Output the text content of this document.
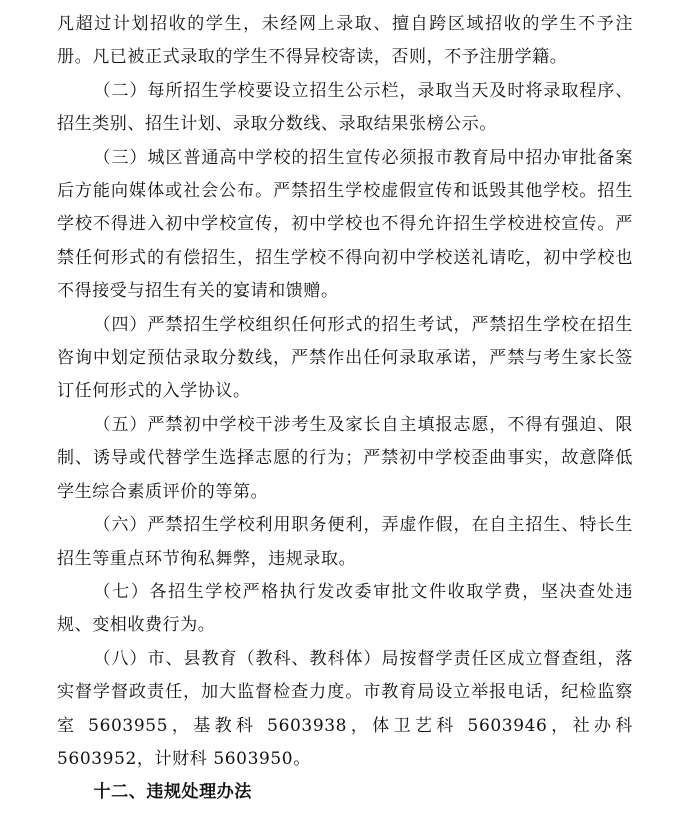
凡超过计划招收的学生，未经网上录取、擅自跨区域招收的学生不予注册。凡已被正式录取的学生不得异校寄读，否则，不予注册学籍。

（二）每所招生学校要设立招生公示栏，录取当天及时将录取程序、招生类别、招生计划、录取分数线、录取结果张榜公示。

（三）城区普通高中学校的招生宣传必须报市教育局中招办审批备案后方能向媒体或社会公布。严禁招生学校虚假宣传和诋毁其他学校。招生学校不得进入初中学校宣传，初中学校也不得允许招生学校进校宣传。严禁任何形式的有偿招生，招生学校不得向初中学校送礼请吃，初中学校也不得接受与招生有关的宴请和馈赠。

（四）严禁招生学校组织任何形式的招生考试，严禁招生学校在招生咨询中划定预估录取分数线，严禁作出任何录取承诺，严禁与考生家长签订任何形式的入学协议。

（五）严禁初中学校干涉考生及家长自主填报志愿，不得有强迫、限制、诱导或代替学生选择志愿的行为；严禁初中学校歪曲事实，故意降低学生综合素质评价的等第。

（六）严禁招生学校利用职务便利，弄虚作假，在自主招生、特长生招生等重点环节徇私舞弊，违规录取。

（七）各招生学校严格执行发改委审批文件收取学费，坚决查处违规、变相收费行为。

（八）市、县教育（教科、教科体）局按督学责任区成立督查组，落实督学督政责任，加大监督检查力度。市教育局设立举报电话，纪检监察室 5603955，基教科 5603938，体卫艺科 5603946，社办科 5603952，计财科 5603950。

十二、违规处理办法
